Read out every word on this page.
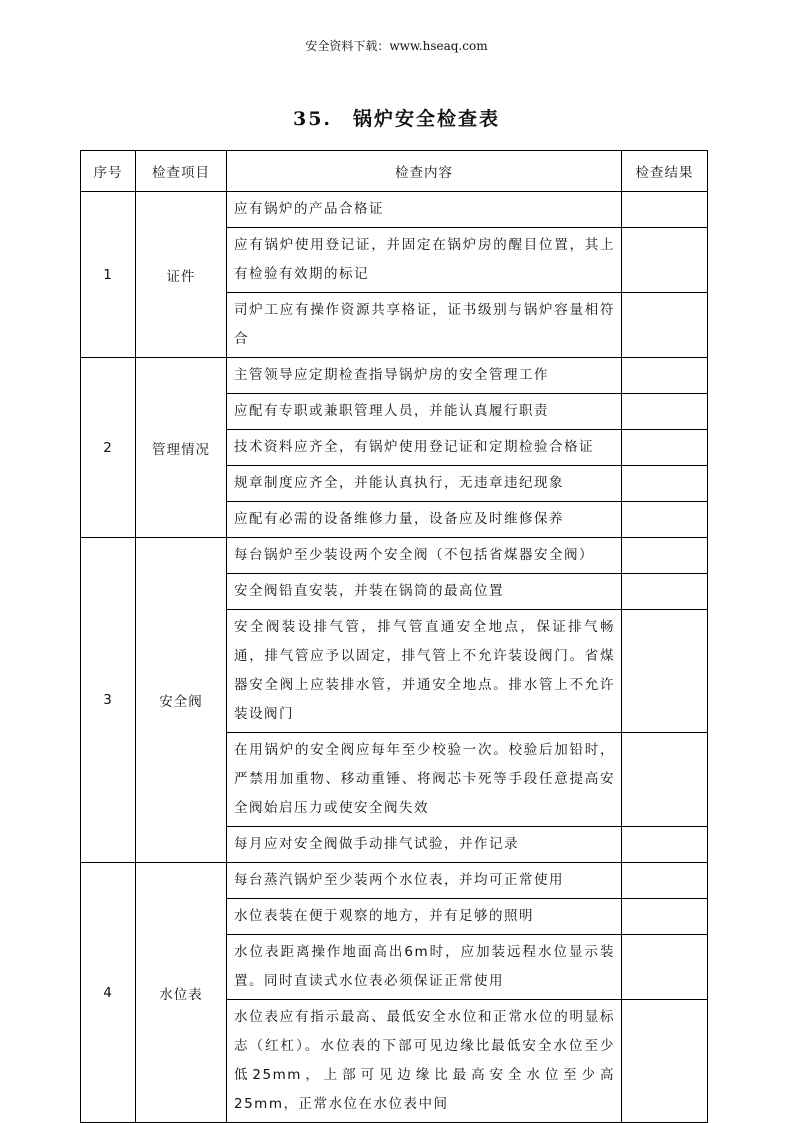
安全资料下载：www.hseaq.com
35.　锅炉安全检查表
序号	检查项目	检查内容	检查结果
1	证件	应有锅炉的产品合格证	
		应有锅炉使用登记证，并固定在锅炉房的醒目位置，其上有检验有效期的标记	
		司炉工应有操作资源共享格证，证书级别与锅炉容量相符合	
2	管理情况	主管领导应定期检查指导锅炉房的安全管理工作	
		应配有专职或兼职管理人员，并能认真履行职责	
		技术资料应齐全，有锅炉使用登记证和定期检验合格证	
		规章制度应齐全，并能认真执行，无违章违纪现象	
		应配有必需的设备维修力量，设备应及时维修保养	
3	安全阀	每台锅炉至少装设两个安全阀（不包括省煤器安全阀）	
		安全阀铅直安装，并装在锅筒的最高位置	
		安全阀装设排气管，排气管直通安全地点，保证排气畅通，排气管应予以固定，排气管上不允许装设阀门。省煤器安全阀上应装排水管，并通安全地点。排水管上不允许装设阀门	
		在用锅炉的安全阀应每年至少校验一次。校验后加铅时，严禁用加重物、移动重锤、将阀芯卡死等手段任意提高安全阀始启压力或使安全阀失效	
		每月应对安全阀做手动排气试验，并作记录	
4	水位表	每台蒸汽锅炉至少装两个水位表，并均可正常使用	
		水位表装在便于观察的地方，并有足够的照明	
		水位表距离操作地面高出6m时，应加装远程水位显示装置。同时直读式水位表必须保证正常使用	
		水位表应有指示最高、最低安全水位和正常水位的明显标志（红杠）。水位表的下部可见边缘比最低安全水位至少低25mm，上部可见边缘比最高安全水位至少高25mm，正常水位在水位表中间	
